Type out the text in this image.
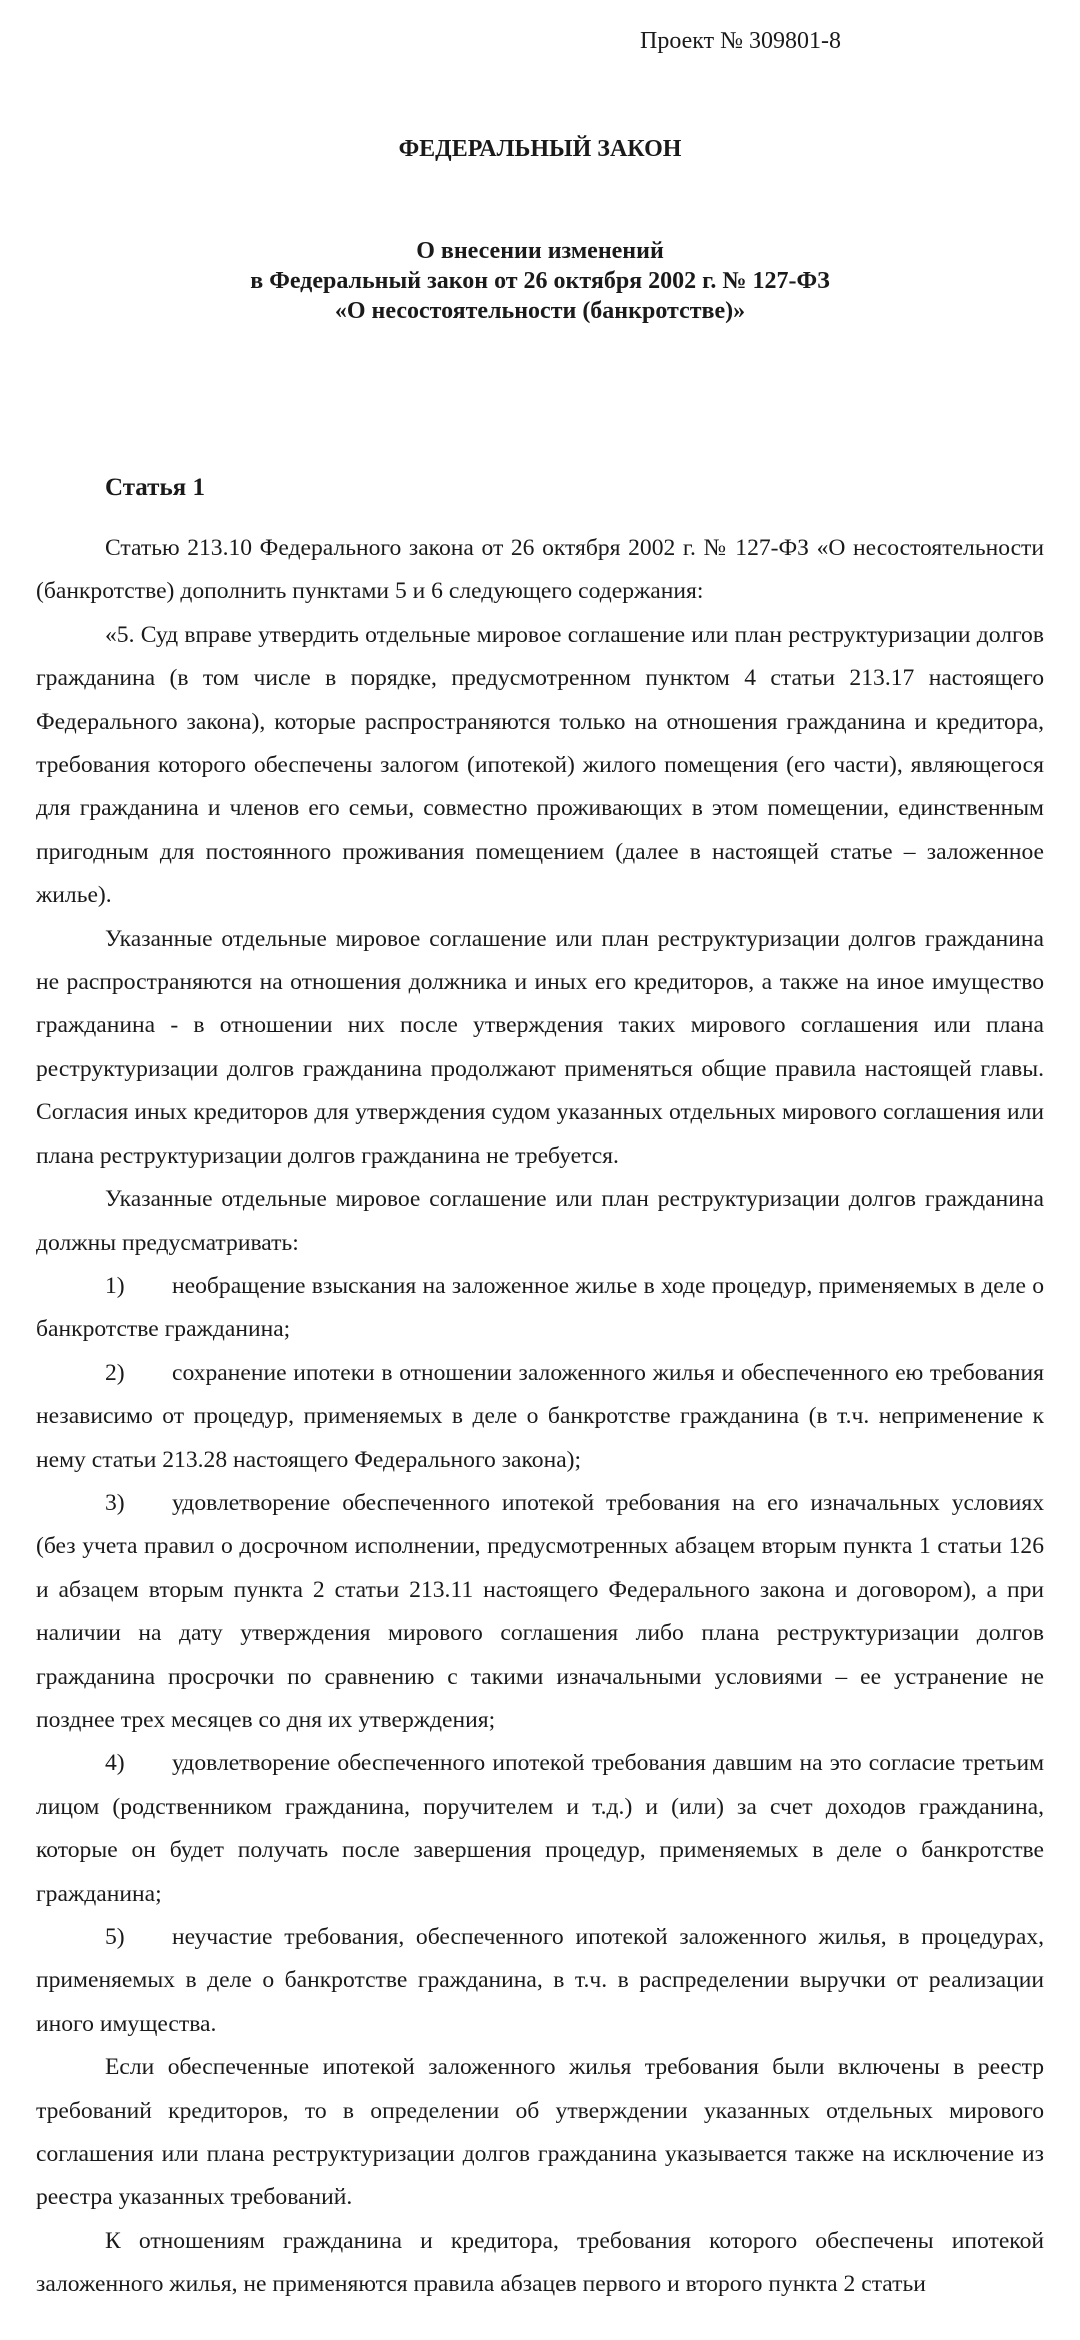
Проект № 309801-8
ФЕДЕРАЛЬНЫЙ ЗАКОН
О внесении изменений
в Федеральный закон от 26 октября 2002 г. № 127-ФЗ
«О несостоятельности (банкротстве)»
Статья 1

Статью 213.10 Федерального закона от 26 октября 2002 г. № 127-ФЗ «О несостоятельности (банкротстве) дополнить пунктами 5 и 6 следующего содержания:

«5. Суд вправе утвердить отдельные мировое соглашение или план реструктуризации долгов гражданина (в том числе в порядке, предусмотренном пунктом 4 статьи 213.17 настоящего Федерального закона), которые распространяются только на отношения гражданина и кредитора, требования которого обеспечены залогом (ипотекой) жилого помещения (его части), являющегося для гражданина и членов его семьи, совместно проживающих в этом помещении, единственным пригодным для постоянного проживания помещением (далее в настоящей статье – заложенное жилье).

Указанные отдельные мировое соглашение или план реструктуризации долгов гражданина не распространяются на отношения должника и иных его кредиторов, а также на иное имущество гражданина - в отношении них после утверждения таких мирового соглашения или плана реструктуризации долгов гражданина продолжают применяться общие правила настоящей главы. Согласия иных кредиторов для утверждения судом указанных отдельных мирового соглашения или плана реструктуризации долгов гражданина не требуется.

Указанные отдельные мировое соглашение или план реструктуризации долгов гражданина должны предусматривать:

1) необращение взыскания на заложенное жилье в ходе процедур, применяемых в деле о банкротстве гражданина;

2) сохранение ипотеки в отношении заложенного жилья и обеспеченного ею требования независимо от процедур, применяемых в деле о банкротстве гражданина (в т.ч. неприменение к нему статьи 213.28 настоящего Федерального закона);

3) удовлетворение обеспеченного ипотекой требования на его изначальных условиях (без учета правил о досрочном исполнении, предусмотренных абзацем вторым пункта 1 статьи 126 и абзацем вторым пункта 2 статьи 213.11 настоящего Федерального закона и договором), а при наличии на дату утверждения мирового соглашения либо плана реструктуризации долгов гражданина просрочки по сравнению с такими изначальными условиями – ее устранение не позднее трех месяцев со дня их утверждения;

4) удовлетворение обеспеченного ипотекой требования давшим на это согласие третьим лицом (родственником гражданина, поручителем и т.д.) и (или) за счет доходов гражданина, которые он будет получать после завершения процедур, применяемых в деле о банкротстве гражданина;

5) неучастие требования, обеспеченного ипотекой заложенного жилья, в процедурах, применяемых в деле о банкротстве гражданина, в т.ч. в распределении выручки от реализации иного имущества.

Если обеспеченные ипотекой заложенного жилья требования были включены в реестр требований кредиторов, то в определении об утверждении указанных отдельных мирового соглашения или плана реструктуризации долгов гражданина указывается также на исключение из реестра указанных требований.

К отношениям гражданина и кредитора, требования которого обеспечены ипотекой заложенного жилья, не применяются правила абзацев первого и второго пункта 2 статьи
